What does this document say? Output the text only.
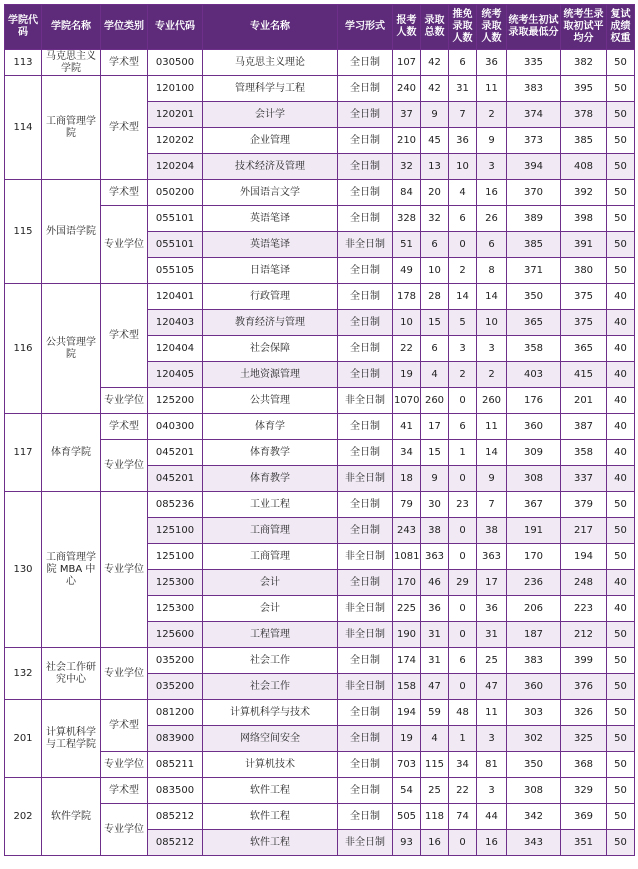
学院代码	学院名称	学位类别	专业代码	专业名称	学习形式	报考人数	录取总数	推免录取人数	统考录取人数	统考生初试录取最低分	统考生录取初试平均分	复试成绩权重
113	马克思主义学院	学术型	030500	马克思主义理论	全日制	107	42	6	36	335	382	50
114	工商管理学院	学术型	120100	管理科学与工程	全日制	240	42	31	11	383	395	50
			120201	会计学	全日制	37	9	7	2	374	378	50
			120202	企业管理	全日制	210	45	36	9	373	385	50
			120204	技术经济及管理	全日制	32	13	10	3	394	408	50
115	外国语学院	学术型	050200	外国语言文学	全日制	84	20	4	16	370	392	50
		专业学位	055101	英语笔译	全日制	328	32	6	26	389	398	50
			055101	英语笔译	非全日制	51	6	0	6	385	391	50
			055105	日语笔译	全日制	49	10	2	8	371	380	50
116	公共管理学院	学术型	120401	行政管理	全日制	178	28	14	14	350	375	40
			120403	教育经济与管理	全日制	10	15	5	10	365	375	40
			120404	社会保障	全日制	22	6	3	3	358	365	40
			120405	土地资源管理	全日制	19	4	2	2	403	415	40
		专业学位	125200	公共管理	非全日制	1070	260	0	260	176	201	40
117	体育学院	学术型	040300	体育学	全日制	41	17	6	11	360	387	40
		专业学位	045201	体育教学	全日制	34	15	1	14	309	358	40
			045201	体育教学	非全日制	18	9	0	9	308	337	40
130	工商管理学院 MBA 中心	专业学位	085236	工业工程	全日制	79	30	23	7	367	379	50
			125100	工商管理	全日制	243	38	0	38	191	217	50
			125100	工商管理	非全日制	1081	363	0	363	170	194	50
			125300	会计	全日制	170	46	29	17	236	248	40
			125300	会计	非全日制	225	36	0	36	206	223	40
			125600	工程管理	非全日制	190	31	0	31	187	212	50
132	社会工作研究中心	专业学位	035200	社会工作	全日制	174	31	6	25	383	399	50
			035200	社会工作	非全日制	158	47	0	47	360	376	50
201	计算机科学与工程学院	学术型	081200	计算机科学与技术	全日制	194	59	48	11	303	326	50
			083900	网络空间安全	全日制	19	4	1	3	302	325	50
		专业学位	085211	计算机技术	全日制	703	115	34	81	350	368	50
202	软件学院	学术型	083500	软件工程	全日制	54	25	22	3	308	329	50
		专业学位	085212	软件工程	全日制	505	118	74	44	342	369	50
			085212	软件工程	非全日制	93	16	0	16	343	351	50
